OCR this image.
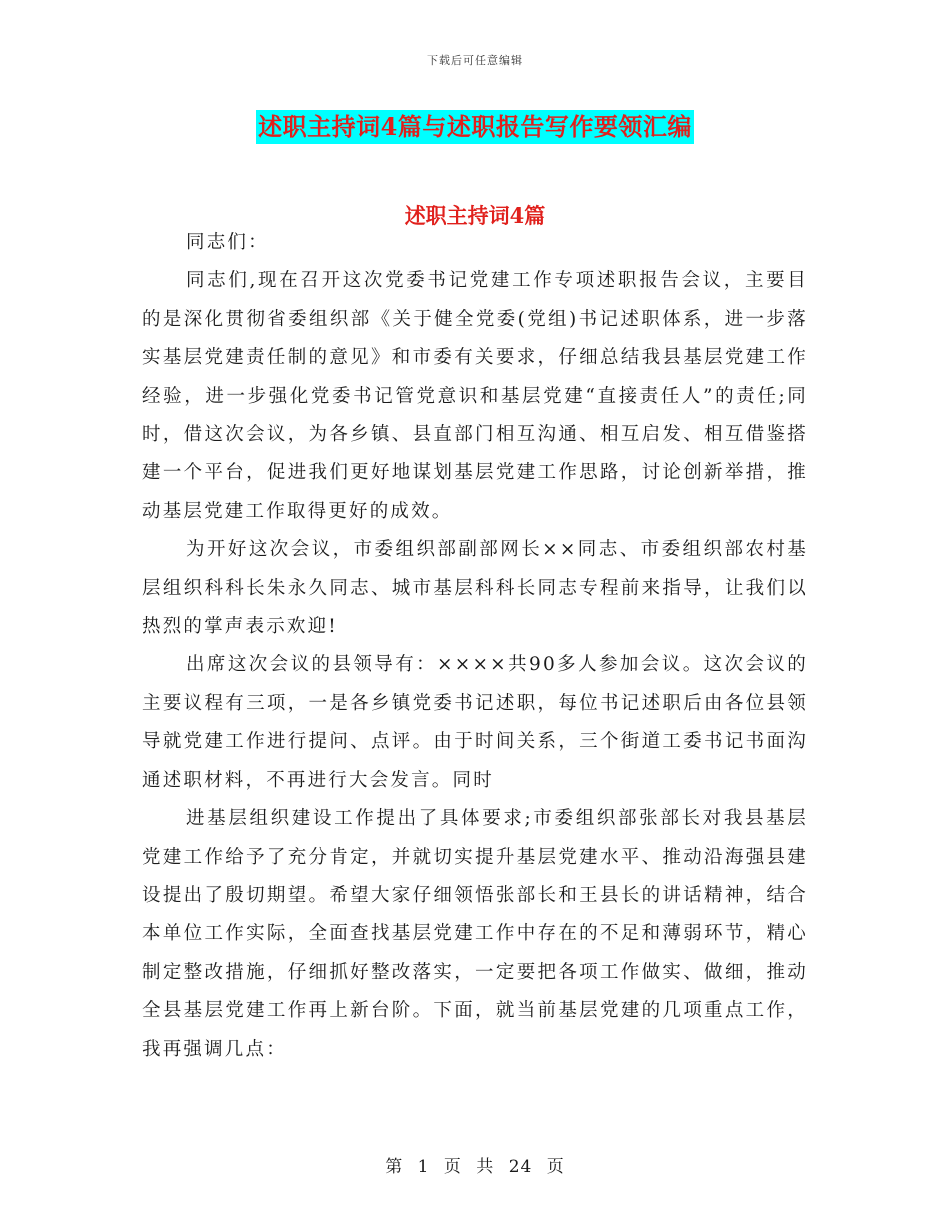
下载后可任意编辑
述职主持词4篇与述职报告写作要领汇编
述职主持词4篇

同志们：

同志们,现在召开这次党委书记党建工作专项述职报告会议，主要目的是深化贯彻省委组织部《关于健全党委(党组)书记述职体系，进一步落实基层党建责任制的意见》和市委有关要求，仔细总结我县基层党建工作经验，进一步强化党委书记管党意识和基层党建“直接责任人”的责任;同时，借这次会议，为各乡镇、县直部门相互沟通、相互启发、相互借鉴搭建一个平台，促进我们更好地谋划基层党建工作思路，讨论创新举措，推动基层党建工作取得更好的成效。

为开好这次会议，市委组织部副部网长××同志、市委组织部农村基层组织科科长朱永久同志、城市基层科科长同志专程前来指导，让我们以热烈的掌声表示欢迎!

出席这次会议的县领导有：××××共90多人参加会议。这次会议的主要议程有三项，一是各乡镇党委书记述职，每位书记述职后由各位县领导就党建工作进行提问、点评。由于时间关系，三个街道工委书记书面沟通述职材料，不再进行大会发言。同时

进基层组织建设工作提出了具体要求;市委组织部张部长对我县基层党建工作给予了充分肯定，并就切实提升基层党建水平、推动沿海强县建设提出了殷切期望。希望大家仔细领悟张部长和王县长的讲话精神，结合本单位工作实际，全面查找基层党建工作中存在的不足和薄弱环节，精心制定整改措施，仔细抓好整改落实，一定要把各项工作做实、做细，推动全县基层党建工作再上新台阶。下面，就当前基层党建的几项重点工作，我再强调几点：

第 1 页 共 24 页
